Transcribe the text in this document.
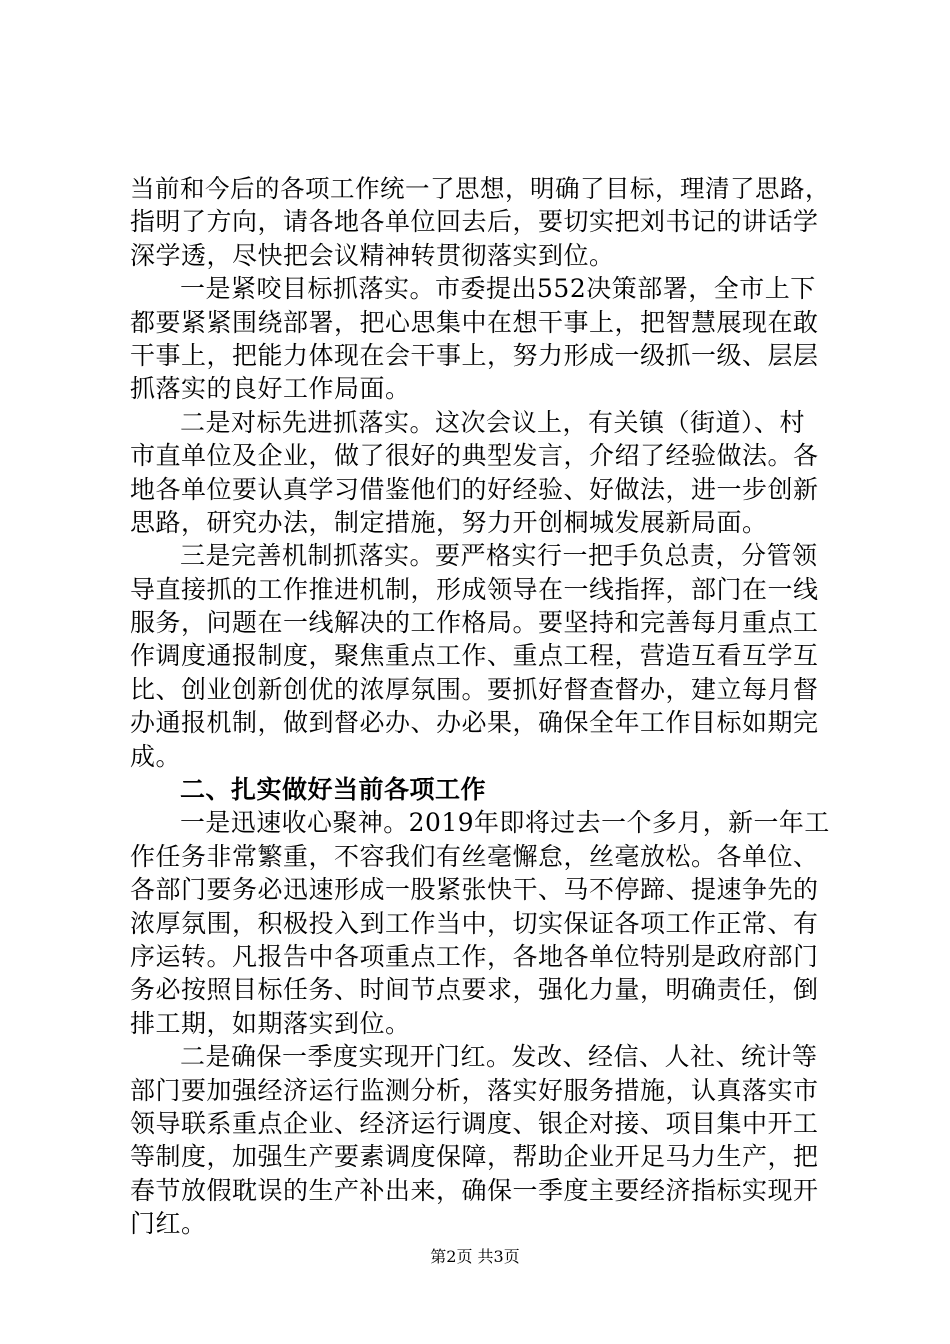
当前和今后的各项工作统一了思想，明确了目标，理清了思路，
指明了方向，请各地各单位回去后，要切实把刘书记的讲话学
深学透，尽快把会议精神转贯彻落实到位。
一是紧咬目标抓落实。市委提出552决策部署，全市上下
都要紧紧围绕部署，把心思集中在想干事上，把智慧展现在敢
干事上，把能力体现在会干事上，努力形成一级抓一级、层层
抓落实的良好工作局面。
二是对标先进抓落实。这次会议上，有关镇（街道）、村
市直单位及企业，做了很好的典型发言，介绍了经验做法。各
地各单位要认真学习借鉴他们的好经验、好做法，进一步创新
思路，研究办法，制定措施，努力开创桐城发展新局面。
三是完善机制抓落实。要严格实行一把手负总责，分管领
导直接抓的工作推进机制，形成领导在一线指挥，部门在一线
服务，问题在一线解决的工作格局。要坚持和完善每月重点工
作调度通报制度，聚焦重点工作、重点工程，营造互看互学互
比、创业创新创优的浓厚氛围。要抓好督查督办，建立每月督
办通报机制，做到督必办、办必果，确保全年工作目标如期完
成。
二、扎实做好当前各项工作
一是迅速收心聚神。2019年即将过去一个多月，新一年工
作任务非常繁重，不容我们有丝毫懈怠，丝毫放松。各单位、
各部门要务必迅速形成一股紧张快干、马不停蹄、提速争先的
浓厚氛围，积极投入到工作当中，切实保证各项工作正常、有
序运转。凡报告中各项重点工作，各地各单位特别是政府部门
务必按照目标任务、时间节点要求，强化力量，明确责任，倒
排工期，如期落实到位。
二是确保一季度实现开门红。发改、经信、人社、统计等
部门要加强经济运行监测分析，落实好服务措施，认真落实市
领导联系重点企业、经济运行调度、银企对接、项目集中开工
等制度，加强生产要素调度保障，帮助企业开足马力生产，把
春节放假耽误的生产补出来，确保一季度主要经济指标实现开
门红。
第2页 共3页
